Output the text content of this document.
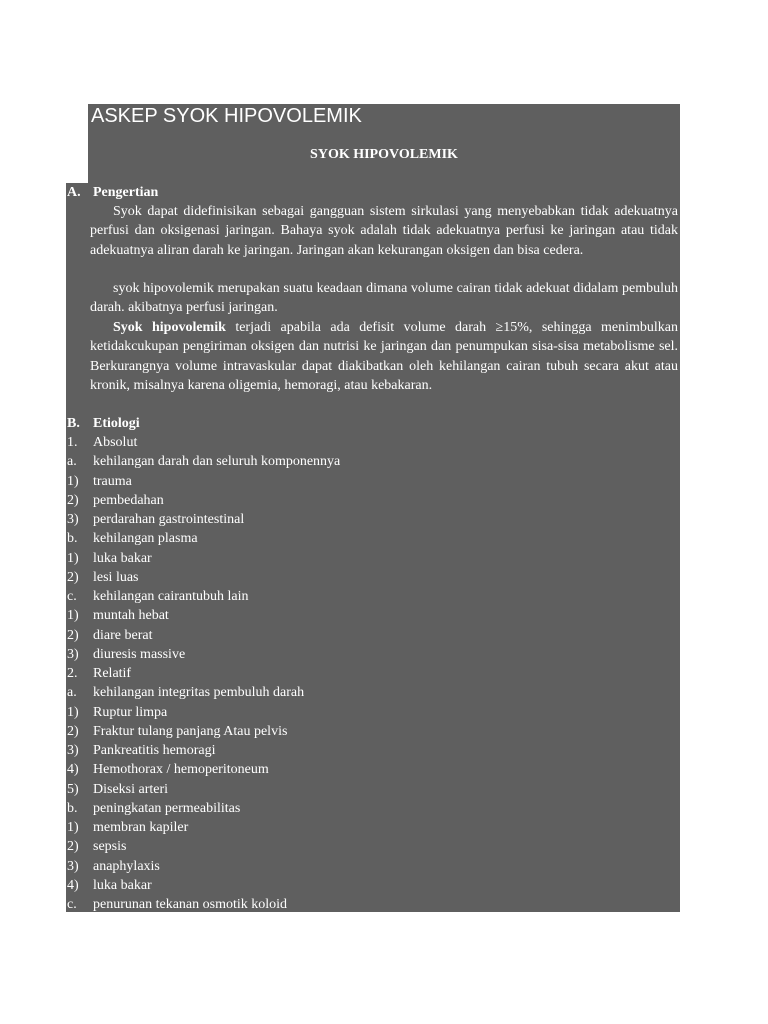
ASKEP SYOK HIPOVOLEMIK
SYOK HIPOVOLEMIK
A. Pengertian
Syok dapat didefinisikan sebagai gangguan sistem sirkulasi yang menyebabkan tidak adekuatnya perfusi dan oksigenasi jaringan. Bahaya syok adalah tidak adekuatnya perfusi ke jaringan atau tidak adekuatnya aliran darah ke jaringan. Jaringan akan kekurangan oksigen dan bisa cedera.
syok hipovolemik merupakan suatu keadaan dimana volume cairan tidak adekuat didalam pembuluh darah. akibatnya perfusi jaringan.
Syok hipovolemik terjadi apabila ada defisit volume darah ≥15%, sehingga menimbulkan ketidakcukupan pengiriman oksigen dan nutrisi ke jaringan dan penumpukan sisa-sisa metabolisme sel. Berkurangnya volume intravaskular dapat diakibatkan oleh kehilangan cairan tubuh secara akut atau kronik, misalnya karena oligemia, hemoragi, atau kebakaran.
B. Etiologi
1. Absolut
a. kehilangan darah dan seluruh komponennya
1) trauma
2) pembedahan
3) perdarahan gastrointestinal
b. kehilangan plasma
1) luka bakar
2) lesi luas
c. kehilangan cairantubuh lain
1) muntah hebat
2) diare berat
3) diuresis massive
2. Relatif
a. kehilangan integritas pembuluh darah
1) Ruptur limpa
2) Fraktur tulang panjang Atau pelvis
3) Pankreatitis hemoragi
4) Hemothorax / hemoperitoneum
5) Diseksi arteri
b. peningkatan permeabilitas
1) membran kapiler
2) sepsis
3) anaphylaxis
4) luka bakar
c. penurunan tekanan osmotik koloid
